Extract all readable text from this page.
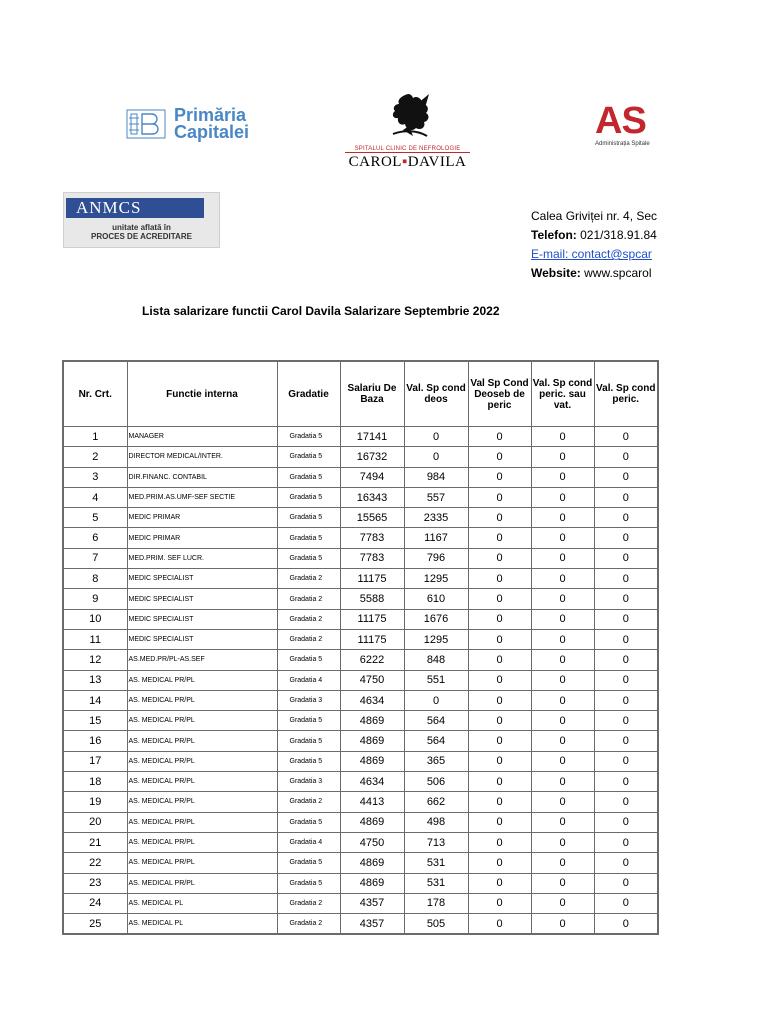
Primăria
Capitalei
SPITALUL CLINIC DE NEFROLOGIE
CAROL▪DAVILA
AS
Administrația Spitale
ANMCS
unitate aflată în
PROCES DE ACREDITARE
Calea Griviței nr. 4, Sec
Telefon: 021/318.91.84
E-mail: contact@spcar
Website: www.spcarol
Lista salarizare functii Carol Davila Salarizare Septembrie 2022
Nr. Crt.	Functie interna	Gradatie	Salariu De Baza	Val. Sp cond deos	Val Sp Cond Deoseb de peric	Val. Sp cond peric. sau vat.	Val. Sp cond peric.
1	MANAGER	Gradatia 5	17141	0	0	0	0
2	DIRECTOR MEDICAL/INTER.	Gradatia 5	16732	0	0	0	0
3	DIR.FINANC. CONTABIL	Gradatia 5	7494	984	0	0	0
4	MED.PRIM.AS.UMF-SEF SECTIE	Gradatia 5	16343	557	0	0	0
5	MEDIC PRIMAR	Gradatia 5	15565	2335	0	0	0
6	MEDIC PRIMAR	Gradatia 5	7783	1167	0	0	0
7	MED.PRIM. SEF LUCR.	Gradatia 5	7783	796	0	0	0
8	MEDIC SPECIALIST	Gradatia 2	11175	1295	0	0	0
9	MEDIC SPECIALIST	Gradatia 2	5588	610	0	0	0
10	MEDIC SPECIALIST	Gradatia 2	11175	1676	0	0	0
11	MEDIC SPECIALIST	Gradatia 2	11175	1295	0	0	0
12	AS.MED.PR/PL-AS.SEF	Gradatia 5	6222	848	0	0	0
13	AS. MEDICAL PR/PL	Gradatia 4	4750	551	0	0	0
14	AS. MEDICAL PR/PL	Gradatia 3	4634	0	0	0	0
15	AS. MEDICAL PR/PL	Gradatia 5	4869	564	0	0	0
16	AS. MEDICAL PR/PL	Gradatia 5	4869	564	0	0	0
17	AS. MEDICAL PR/PL	Gradatia 5	4869	365	0	0	0
18	AS. MEDICAL PR/PL	Gradatia 3	4634	506	0	0	0
19	AS. MEDICAL PR/PL	Gradatia 2	4413	662	0	0	0
20	AS. MEDICAL PR/PL	Gradatia 5	4869	498	0	0	0
21	AS. MEDICAL PR/PL	Gradatia 4	4750	713	0	0	0
22	AS. MEDICAL PR/PL	Gradatia 5	4869	531	0	0	0
23	AS. MEDICAL PR/PL	Gradatia 5	4869	531	0	0	0
24	AS. MEDICAL PL	Gradatia 2	4357	178	0	0	0
25	AS. MEDICAL PL	Gradatia 2	4357	505	0	0	0
